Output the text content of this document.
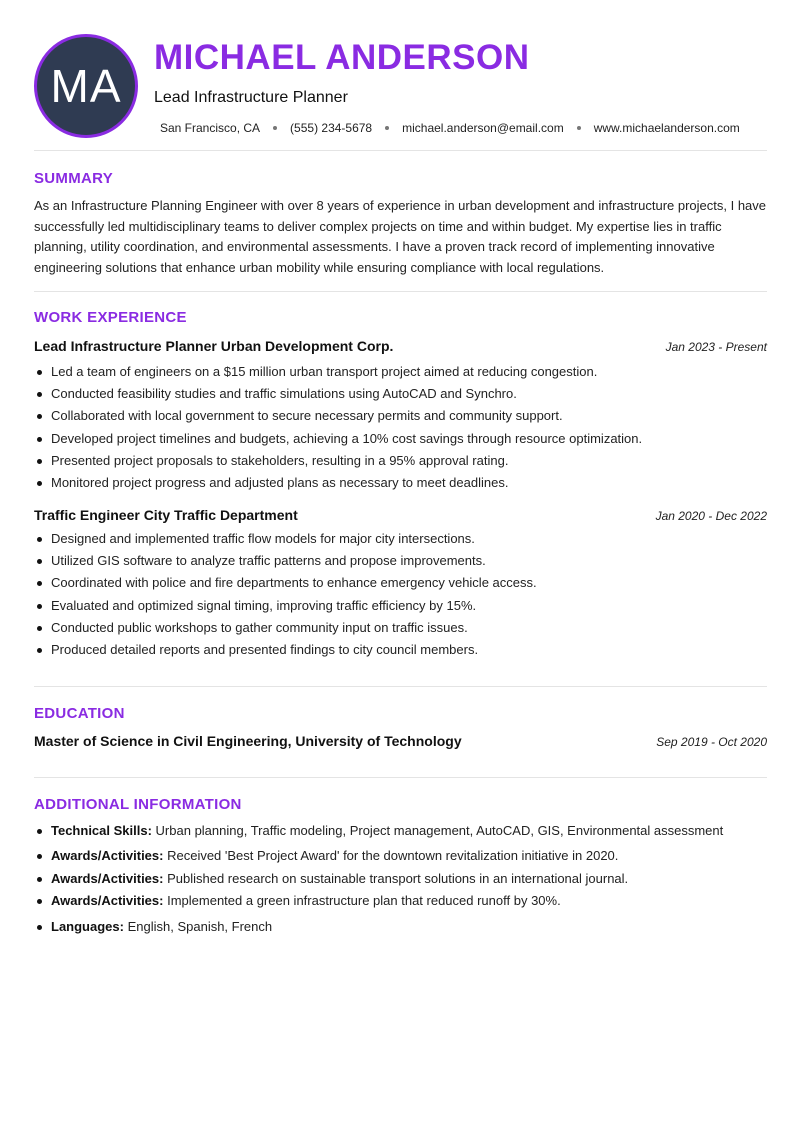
MA
MICHAEL ANDERSON
Lead Infrastructure Planner
San Francisco, CA	(555) 234-5678	michael.anderson@email.com	www.michaelanderson.com
SUMMARY
As an Infrastructure Planning Engineer with over 8 years of experience in urban development and infrastructure projects, I have successfully led multidisciplinary teams to deliver complex projects on time and within budget. My expertise lies in traffic planning, utility coordination, and environmental assessments. I have a proven track record of implementing innovative engineering solutions that enhance urban mobility while ensuring compliance with local regulations.
WORK EXPERIENCE
Lead Infrastructure Planner Urban Development Corp.	Jan 2023 - Present
Led a team of engineers on a $15 million urban transport project aimed at reducing congestion.
Conducted feasibility studies and traffic simulations using AutoCAD and Synchro.
Collaborated with local government to secure necessary permits and community support.
Developed project timelines and budgets, achieving a 10% cost savings through resource optimization.
Presented project proposals to stakeholders, resulting in a 95% approval rating.
Monitored project progress and adjusted plans as necessary to meet deadlines.
Traffic Engineer City Traffic Department	Jan 2020 - Dec 2022
Designed and implemented traffic flow models for major city intersections.
Utilized GIS software to analyze traffic patterns and propose improvements.
Coordinated with police and fire departments to enhance emergency vehicle access.
Evaluated and optimized signal timing, improving traffic efficiency by 15%.
Conducted public workshops to gather community input on traffic issues.
Produced detailed reports and presented findings to city council members.
EDUCATION
Master of Science in Civil Engineering, University of Technology	Sep 2019 - Oct 2020
ADDITIONAL INFORMATION
Technical Skills: Urban planning, Traffic modeling, Project management, AutoCAD, GIS, Environmental assessment
Awards/Activities: Received 'Best Project Award' for the downtown revitalization initiative in 2020.
Awards/Activities: Published research on sustainable transport solutions in an international journal.
Awards/Activities: Implemented a green infrastructure plan that reduced runoff by 30%.
Languages: English, Spanish, French
